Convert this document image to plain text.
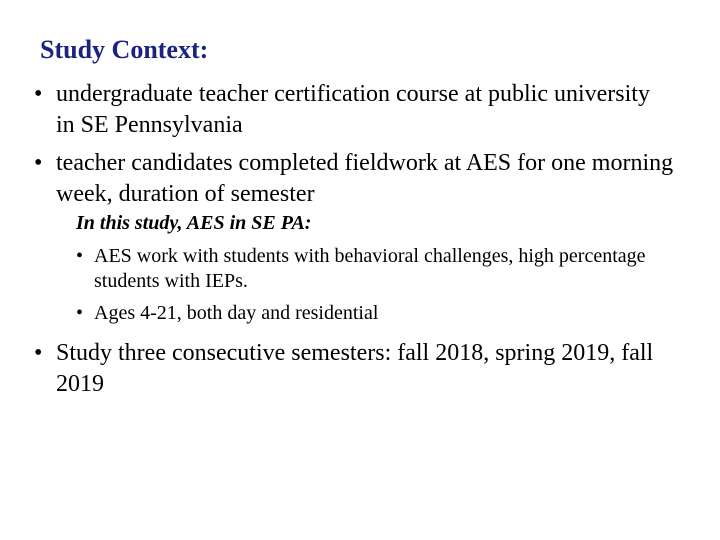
Study Context:
• undergraduate teacher certification course at public university in SE Pennsylvania
• teacher candidates completed fieldwork at AES for one morning week, duration of semester
In this study, AES in SE PA:
• AES work with students with behavioral challenges, high percentage students with IEPs.
• Ages 4-21, both day and residential
• Study three consecutive semesters: fall 2018, spring 2019, fall 2019
